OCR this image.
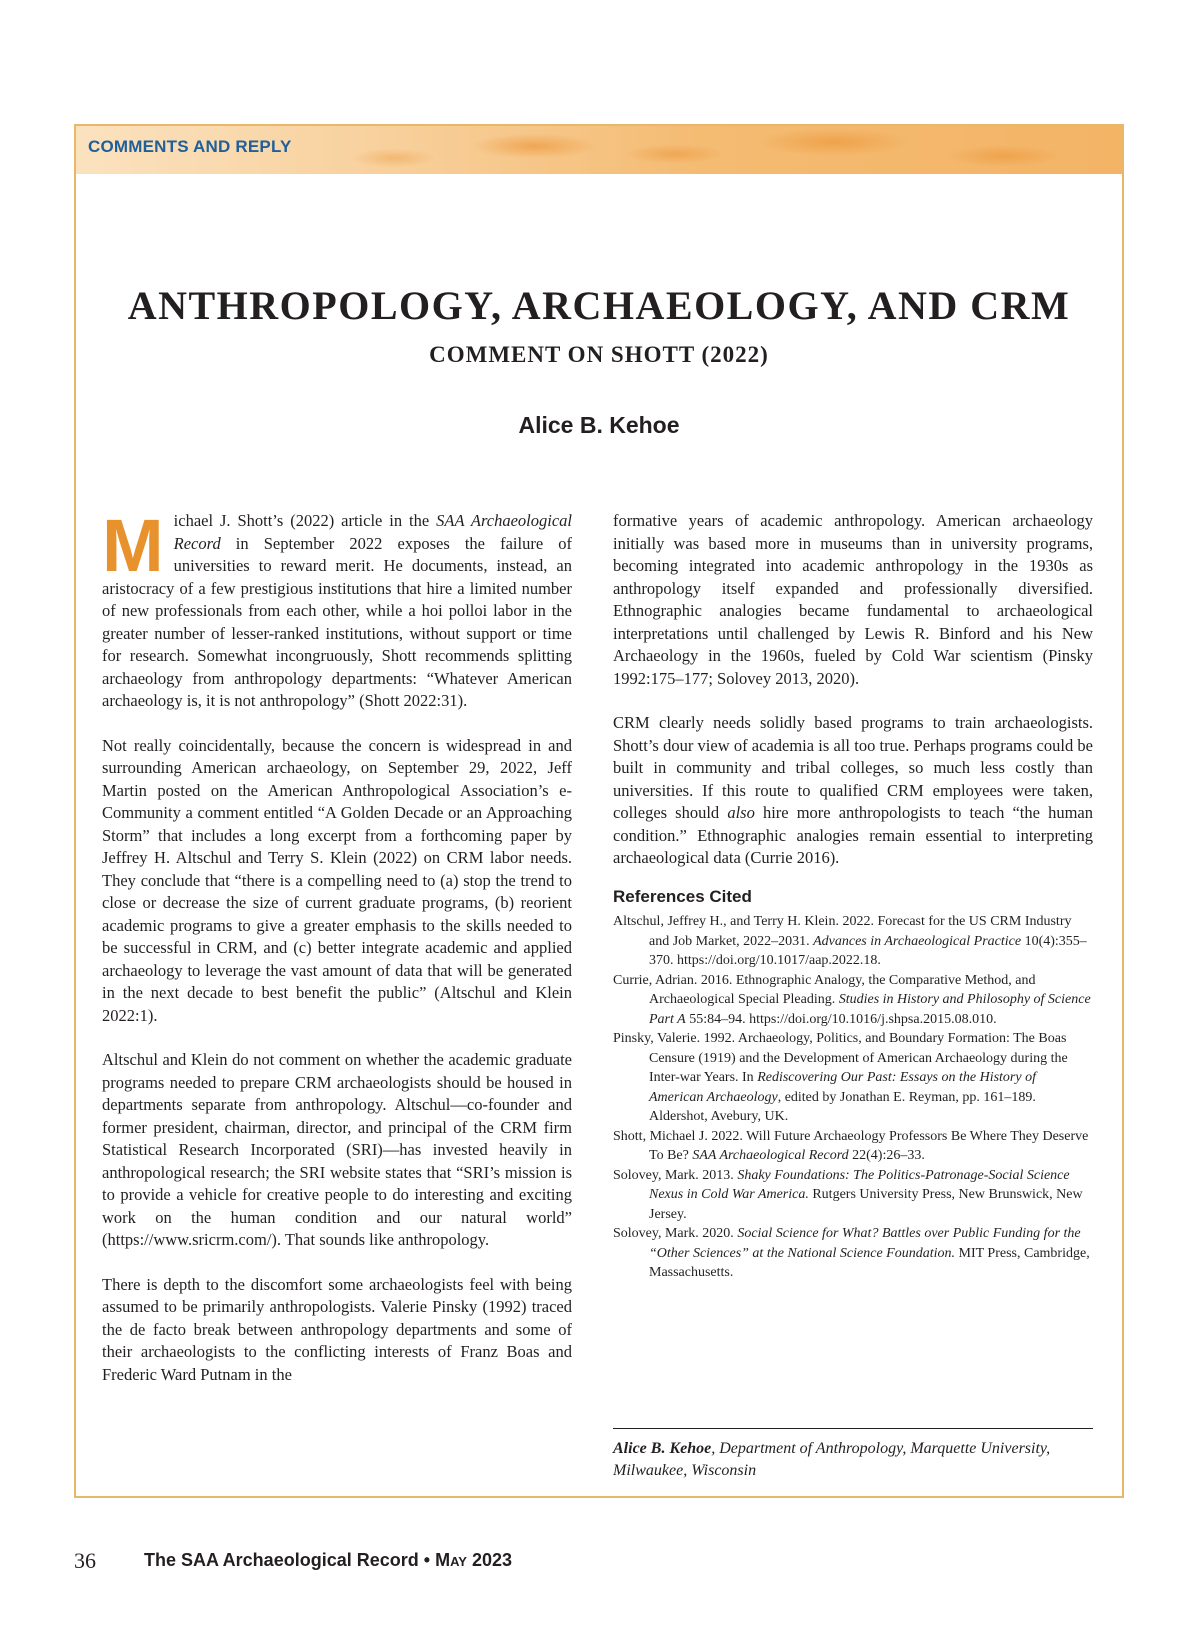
COMMENTS AND REPLY
ANTHROPOLOGY, ARCHAEOLOGY, AND CRM
COMMENT ON SHOTT (2022)
Alice B. Kehoe

Michael J. Shott’s (2022) article in the SAA Archaeological Record in September 2022 exposes the failure of universities to reward merit. He documents, instead, an aristocracy of a few prestigious institutions that hire a limited number of new professionals from each other, while a hoi polloi labor in the greater number of lesser-ranked institutions, without support or time for research. Somewhat incongruously, Shott recommends splitting archaeology from anthropology departments: “Whatever American archaeology is, it is not anthropology” (Shott 2022:31).

Not really coincidentally, because the concern is widespread in and surrounding American archaeology, on September 29, 2022, Jeff Martin posted on the American Anthropological Association’s e-Community a comment entitled “A Golden Decade or an Approaching Storm” that includes a long excerpt from a forthcoming paper by Jeffrey H. Altschul and Terry S. Klein (2022) on CRM labor needs. They conclude that “there is a compelling need to (a) stop the trend to close or decrease the size of current graduate programs, (b) reorient academic programs to give a greater emphasis to the skills needed to be successful in CRM, and (c) better integrate academic and applied archaeology to leverage the vast amount of data that will be generated in the next decade to best benefit the public” (Altschul and Klein 2022:1).

Altschul and Klein do not comment on whether the academic graduate programs needed to prepare CRM archaeologists should be housed in departments separate from anthropology. Altschul—co-founder and former president, chairman, director, and principal of the CRM firm Statistical Research Incorporated (SRI)—has invested heavily in anthropological research; the SRI website states that “SRI’s mission is to provide a vehicle for creative people to do interesting and exciting work on the human condition and our natural world” (https://www.sricrm.com/). That sounds like anthropology.

There is depth to the discomfort some archaeologists feel with being assumed to be primarily anthropologists. Valerie Pinsky (1992) traced the de facto break between anthropology departments and some of their archaeologists to the conflicting interests of Franz Boas and Frederic Ward Putnam in the

formative years of academic anthropology. American archaeology initially was based more in museums than in university programs, becoming integrated into academic anthropology in the 1930s as anthropology itself expanded and professionally diversified. Ethnographic analogies became fundamental to archaeological interpretations until challenged by Lewis R. Binford and his New Archaeology in the 1960s, fueled by Cold War scientism (Pinsky 1992:175–177; Solovey 2013, 2020).

CRM clearly needs solidly based programs to train archaeologists. Shott’s dour view of academia is all too true. Perhaps programs could be built in community and tribal colleges, so much less costly than universities. If this route to qualified CRM employees were taken, colleges should also hire more anthropologists to teach “the human condition.” Ethnographic analogies remain essential to interpreting archaeological data (Currie 2016).

References Cited
Altschul, Jeffrey H., and Terry H. Klein. 2022. Forecast for the US CRM Industry and Job Market, 2022–2031. Advances in Archaeological Practice 10(4):355–370. https://doi.org/10.1017/aap.2022.18.
Currie, Adrian. 2016. Ethnographic Analogy, the Comparative Method, and Archaeological Special Pleading. Studies in History and Philosophy of Science Part A 55:84–94. https://doi.org/10.1016/j.shpsa.2015.08.010.
Pinsky, Valerie. 1992. Archaeology, Politics, and Boundary Formation: The Boas Censure (1919) and the Development of American Archaeology during the Inter-war Years. In Rediscovering Our Past: Essays on the History of American Archaeology, edited by Jonathan E. Reyman, pp. 161–189. Aldershot, Avebury, UK.
Shott, Michael J. 2022. Will Future Archaeology Professors Be Where They Deserve To Be? SAA Archaeological Record 22(4):26–33.
Solovey, Mark. 2013. Shaky Foundations: The Politics-Patronage-Social Science Nexus in Cold War America. Rutgers University Press, New Brunswick, New Jersey.
Solovey, Mark. 2020. Social Science for What? Battles over Public Funding for the “Other Sciences” at the National Science Foundation. MIT Press, Cambridge, Massachusetts.
Alice B. Kehoe, Department of Anthropology, Marquette University, Milwaukee, Wisconsin
36	The SAA Archaeological Record • May 2023
